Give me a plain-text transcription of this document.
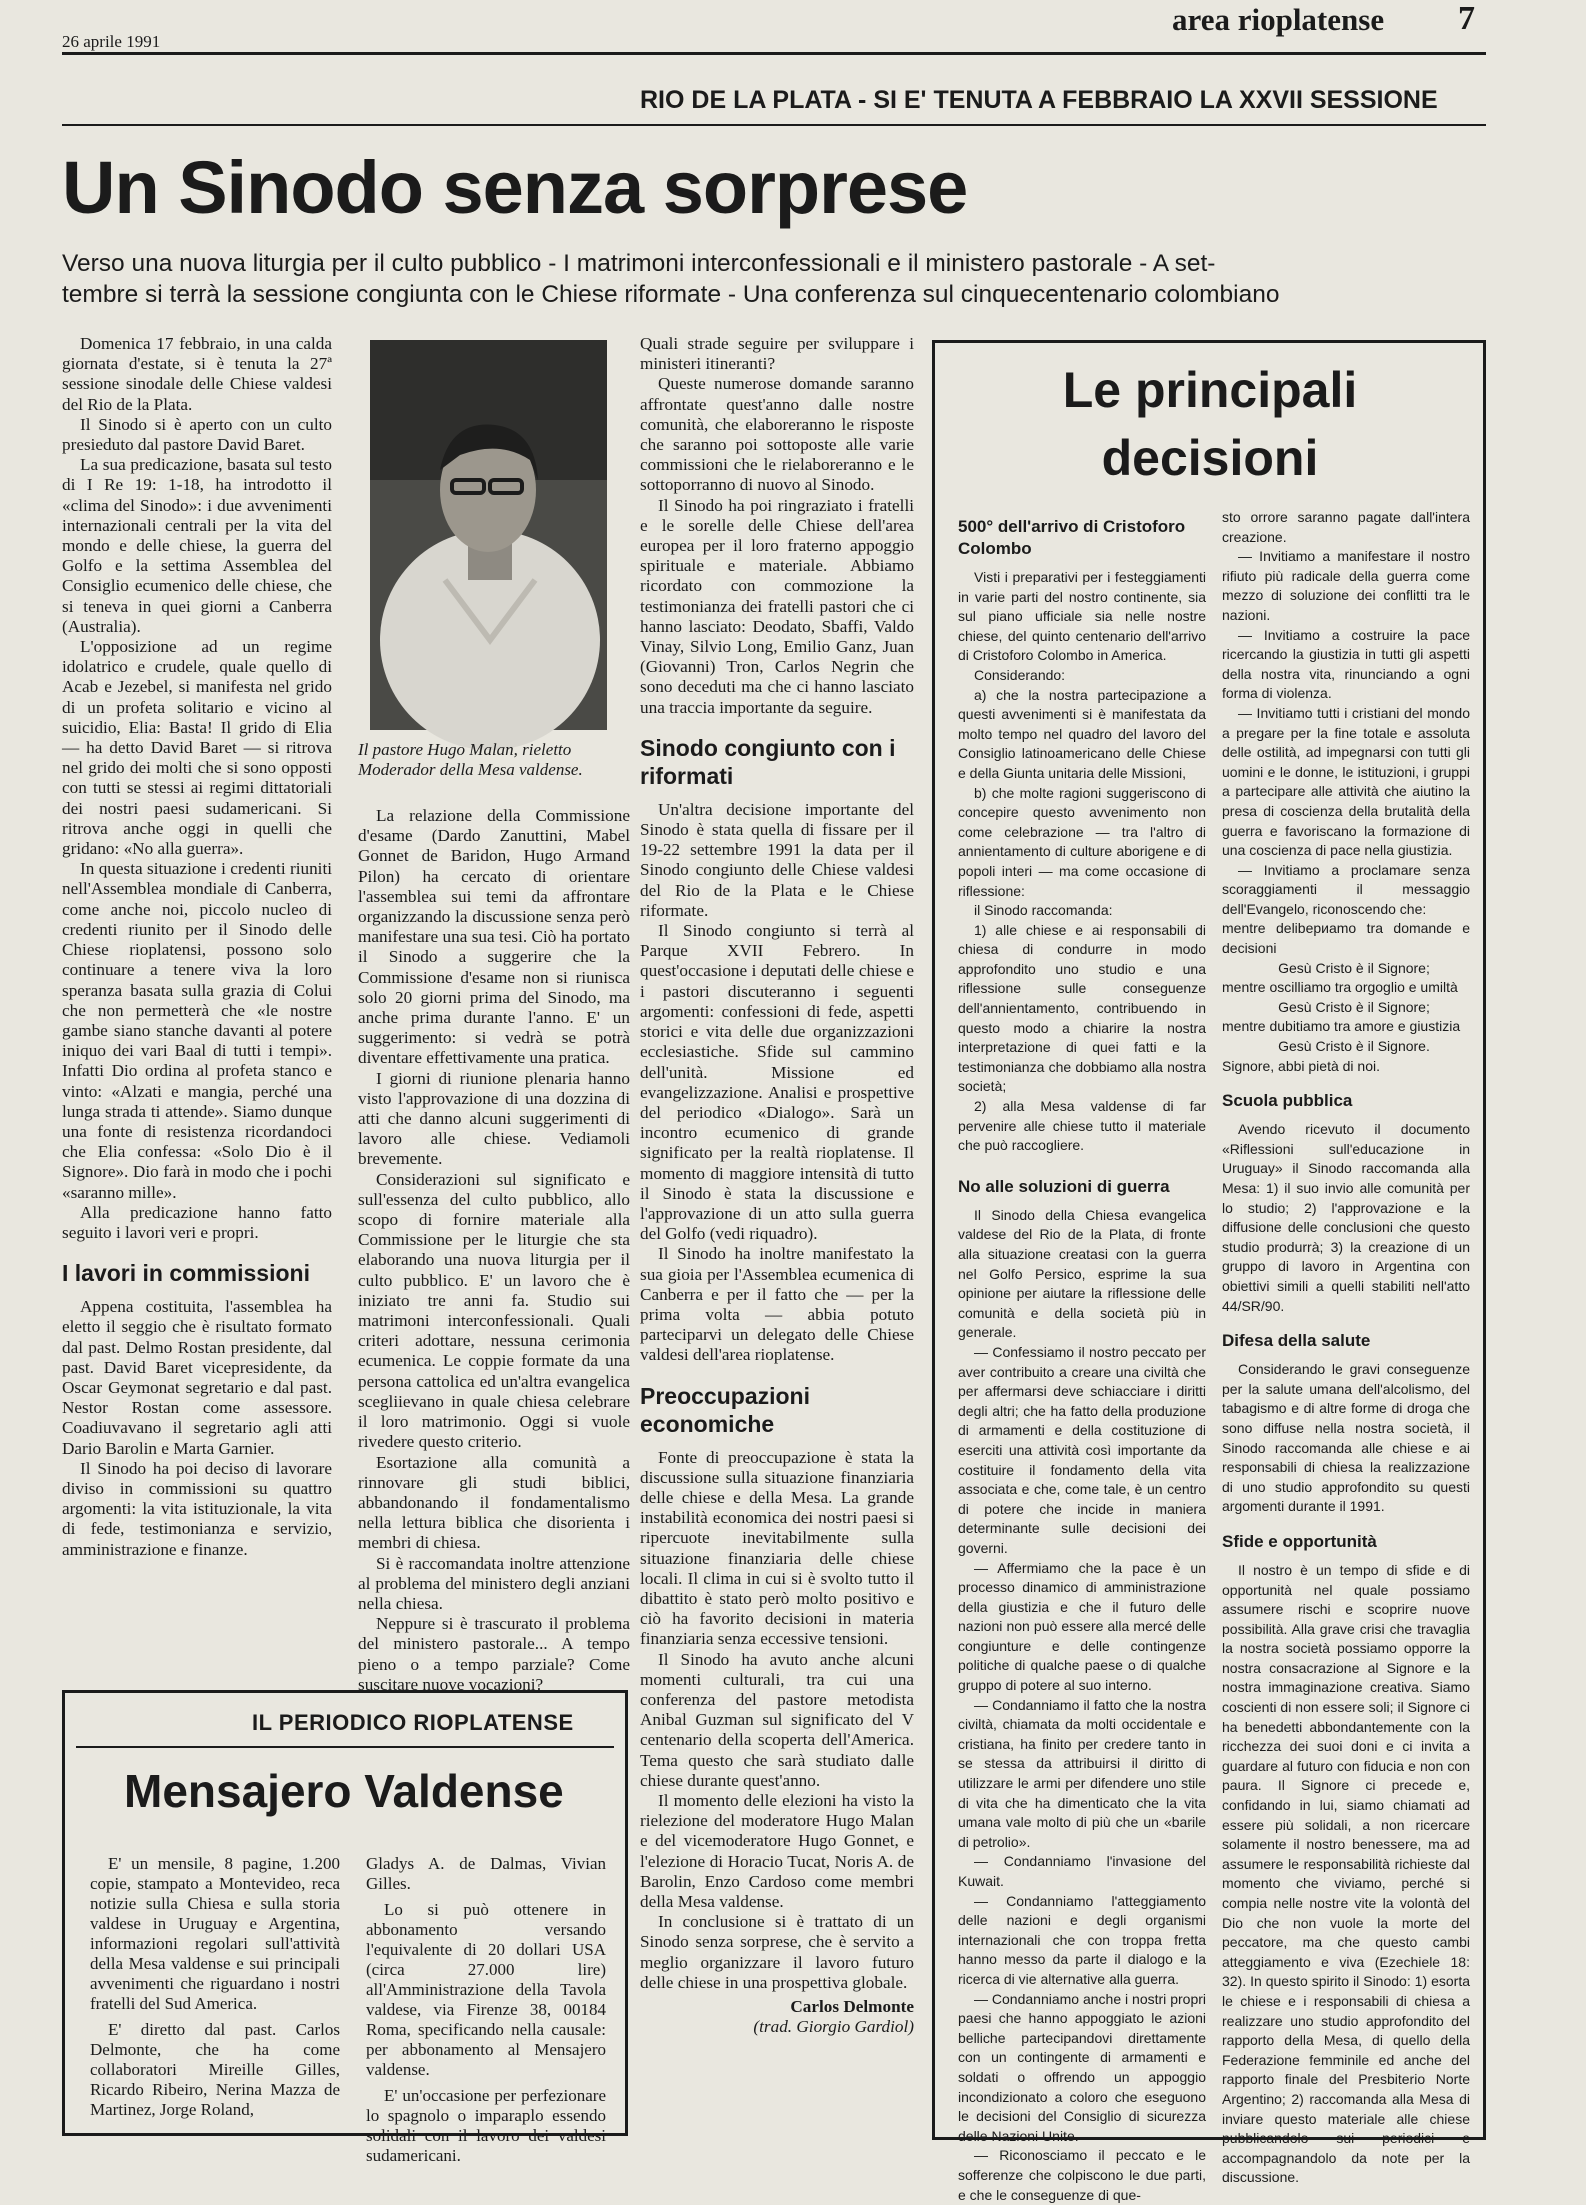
26 aprile 1991
area rioplatense 7
RIO DE LA PLATA - SI E' TENUTA A FEBBRAIO LA XXVII SESSIONE
Un Sinodo senza sorprese
Verso una nuova liturgia per il culto pubblico - I matrimoni interconfessionali e il ministero pastorale - A set-
tembre si terrà la sessione congiunta con le Chiese riformate - Una conferenza sul cinquecentenario colombiano

Domenica 17 febbraio, in una calda giornata d'estate, si è tenuta la 27ª sessione sinodale delle Chiese valdesi del Rio de la Plata.

Il Sinodo si è aperto con un culto presieduto dal pastore David Baret.

La sua predicazione, basata sul testo di I Re 19: 1-18, ha introdotto il «clima del Sinodo»: i due avvenimenti internazionali centrali per la vita del mondo e delle chiese, la guerra del Golfo e la settima Assemblea del Consiglio ecumenico delle chiese, che si teneva in quei giorni a Canberra (Australia).

L'opposizione ad un regime idolatrico e crudele, quale quello di Acab e Jezebel, si manifesta nel grido di un profeta solitario e vicino al suicidio, Elia: Basta! Il grido di Elia — ha detto David Baret — si ritrova nel grido dei molti che si sono opposti con tutti se stessi ai regimi dittatoriali dei nostri paesi sudamericani. Si ritrova anche oggi in quelli che gridano: «No alla guerra».

In questa situazione i credenti riuniti nell'Assemblea mondiale di Canberra, come anche noi, piccolo nucleo di credenti riunito per il Sinodo delle Chiese rioplatensi, possono solo continuare a tenere viva la loro speranza basata sulla grazia di Colui che non permetterà che «le nostre gambe siano stanche davanti al potere iniquo dei vari Baal di tutti i tempi». Infatti Dio ordina al profeta stanco e vinto: «Alzati e mangia, perché una lunga strada ti attende». Siamo dunque una fonte di resistenza ricordandoci che Elia confessa: «Solo Dio è il Signore». Dio farà in modo che i pochi «saranno mille».

Alla predicazione hanno fatto seguito i lavori veri e propri.

I lavori in commissioni

Appena costituita, l'assemblea ha eletto il seggio che è risultato formato dal past. Delmo Rostan presidente, dal past. David Baret vicepresidente, da Oscar Geymonat segretario e dal past. Nestor Rostan come assessore. Coadiuvavano il segretario agli atti Dario Barolin e Marta Garnier.

Il Sinodo ha poi deciso di lavorare diviso in commissioni su quattro argomenti: la vita istituzionale, la vita di fede, testimonianza e servizio, amministrazione e finanze.

Il pastore Hugo Malan, rieletto Moderador della Mesa valdense.

La relazione della Commissione d'esame (Dardo Zanuttini, Mabel Gonnet de Baridon, Hugo Armand Pilon) ha cercato di orientare l'assemblea sui temi da affrontare organizzando la discussione senza però manifestare una sua tesi. Ciò ha portato il Sinodo a suggerire che la Commissione d'esame non si riunisca solo 20 giorni prima del Sinodo, ma anche prima durante l'anno. E' un suggerimento: si vedrà se potrà diventare effettivamente una pratica.

I giorni di riunione plenaria hanno visto l'approvazione di una dozzina di atti che danno alcuni suggerimenti di lavoro alle chiese. Vediamoli brevemente.

Considerazioni sul significato e sull'essenza del culto pubblico, allo scopo di fornire materiale alla Commissione per le liturgie che sta elaborando una nuova liturgia per il culto pubblico. E' un lavoro che è iniziato tre anni fa. Studio sui matrimoni interconfessionali. Quali criteri adottare, nessuna cerimonia ecumenica. Le coppie formate da una persona cattolica ed un'altra evangelica scegliievano in quale chiesa celebrare il loro matrimonio. Oggi si vuole rivedere questo criterio.

Esortazione alla comunità a rinnovare gli studi biblici, abbandonando il fondamentalismo nella lettura biblica che disorienta i membri di chiesa.

Si è raccomandata inoltre attenzione al problema del ministero degli anziani nella chiesa.

Neppure si è trascurato il problema del ministero pastorale... A tempo pieno o a tempo parziale? Come suscitare nuove vocazioni?

Quali strade seguire per sviluppare i ministeri itineranti?

Queste numerose domande saranno affrontate quest'anno dalle nostre comunità, che elaboreranno le risposte che saranno poi sottoposte alle varie commissioni che le rielaboreranno e le sottoporranno di nuovo al Sinodo.

Il Sinodo ha poi ringraziato i fratelli e le sorelle delle Chiese dell'area europea per il loro fraterno appoggio spirituale e materiale. Abbiamo ricordato con commozione la testimonianza dei fratelli pastori che ci hanno lasciato: Deodato, Sbaffi, Valdo Vinay, Silvio Long, Emilio Ganz, Juan (Giovanni) Tron, Carlos Negrin che sono deceduti ma che ci hanno lasciato una traccia importante da seguire.

Sinodo congiunto con i riformati

Un'altra decisione importante del Sinodo è stata quella di fissare per il 19-22 settembre 1991 la data per il Sinodo congiunto delle Chiese valdesi del Rio de la Plata e le Chiese riformate.

Il Sinodo congiunto si terrà al Parque XVII Febrero. In quest'occasione i deputati delle chiese e i pastori discuteranno i seguenti argomenti: confessioni di fede, aspetti storici e vita delle due organizzazioni ecclesiastiche. Sfide sul cammino dell'unità. Missione ed evangelizzazione. Analisi e prospettive del periodico «Dialogo». Sarà un incontro ecumenico di grande significato per la realtà rioplatense. Il momento di maggiore intensità di tutto il Sinodo è stata la discussione e l'approvazione di un atto sulla guerra del Golfo (vedi riquadro).

Il Sinodo ha inoltre manifestato la sua gioia per l'Assemblea ecumenica di Canberra e per il fatto che — per la prima volta — abbia potuto parteciparvi un delegato delle Chiese valdesi dell'area rioplatense.

Preoccupazioni economiche

Fonte di preoccupazione è stata la discussione sulla situazione finanziaria delle chiese e della Mesa. La grande instabilità economica dei nostri paesi si ripercuote inevitabilmente sulla situazione finanziaria delle chiese locali. Il clima in cui si è svolto tutto il dibattito è stato però molto positivo e ciò ha favorito decisioni in materia finanziaria senza eccessive tensioni.

Il Sinodo ha avuto anche alcuni momenti culturali, tra cui una conferenza del pastore metodista Anibal Guzman sul significato del V centenario della scoperta dell'America. Tema questo che sarà studiato dalle chiese durante quest'anno.

Il momento delle elezioni ha visto la rielezione del moderatore Hugo Malan e del vicemoderatore Hugo Gonnet, e l'elezione di Horacio Tucat, Noris A. de Barolin, Enzo Cardoso come membri della Mesa valdense.

In conclusione si è trattato di un Sinodo senza sorprese, che è servito a meglio organizzare il lavoro futuro delle chiese in una prospettiva globale.

Carlos Delmonte
(trad. Giorgio Gardiol)
Le principali decisioni
500° dell'arrivo di Cristoforo Colombo

Visti i preparativi per i festeggiamenti in varie parti del nostro continente, sia sul piano ufficiale sia nelle nostre chiese, del quinto centenario dell'arrivo di Cristoforo Colombo in America.

Considerando:

a) che la nostra partecipazione a questi avvenimenti si è manifestata da molto tempo nel quadro del lavoro del Consiglio latinoamericano delle Chiese e della Giunta unitaria delle Missioni,

b) che molte ragioni suggeriscono di concepire questo avvenimento non come celebrazione — tra l'altro di annientamento di culture aborigene e di popoli interi — ma come occasione di riflessione:

il Sinodo raccomanda:

1) alle chiese e ai responsabili di chiesa di condurre in modo approfondito uno studio e una riflessione sulle conseguenze dell'annientamento, contribuendo in questo modo a chiarire la nostra interpretazione di quei fatti e la testimonianza che dobbiamo alla nostra società;

2) alla Mesa valdense di far pervenire alle chiese tutto il materiale che può raccogliere.

No alle soluzioni di guerra

Il Sinodo della Chiesa evangelica valdese del Rio de la Plata, di fronte alla situazione creatasi con la guerra nel Golfo Persico, esprime la sua opinione per aiutare la riflessione delle comunità e della società più in generale.

— Confessiamo il nostro peccato per aver contribuito a creare una civiltà che per affermarsi deve schiacciare i diritti degli altri; che ha fatto della produzione di armamenti e della costituzione di eserciti una attività così importante da costituire il fondamento della vita associata e che, come tale, è un centro di potere che incide in maniera determinante sulle decisioni dei governi.

— Affermiamo che la pace è un processo dinamico di amministrazione della giustizia e che il futuro delle nazioni non può essere alla mercé delle congiunture e delle contingenze politiche di qualche paese o di qualche gruppo di potere al suo interno.

— Condanniamo il fatto che la nostra civiltà, chiamata da molti occidentale e cristiana, ha finito per credere tanto in se stessa da attribuirsi il diritto di utilizzare le armi per difendere uno stile di vita che ha dimenticato che la vita umana vale molto di più che un «barile di petrolio».

— Condanniamo l'invasione del Kuwait.

— Condanniamo l'atteggiamento delle nazioni e degli organismi internazionali che con troppa fretta hanno messo da parte il dialogo e la ricerca di vie alternative alla guerra.

— Condanniamo anche i nostri propri paesi che hanno appoggiato le azioni belliche partecipandovi direttamente con un contingente di armamenti e soldati o offrendo un appoggio incondizionato a coloro che eseguono le decisioni del Consiglio di sicurezza delle Nazioni Unite.

— Riconosciamo il peccato e le sofferenze che colpiscono le due parti, e che le conseguenze di que-

sto orrore saranno pagate dall'intera creazione.

— Invitiamo a manifestare il nostro rifiuto più radicale della guerra come mezzo di soluzione dei conflitti tra le nazioni.

— Invitiamo a costruire la pace ricercando la giustizia in tutti gli aspetti della nostra vita, rinunciando a ogni forma di violenza.

— Invitiamo tutti i cristiani del mondo a pregare per la fine totale e assoluta delle ostilità, ad impegnarsi con tutti gli uomini e le donne, le istituzioni, i gruppi a partecipare alle attività che aiutino la presa di coscienza della brutalità della guerra e favoriscano la formazione di una coscienza di pace nella giustizia.

— Invitiamo a proclamare senza scoraggiamenti il messaggio dell'Evangelo, riconoscendo che:

mentre delibериamo tra domande e decisioni

Gesù Cristo è il Signore;

mentre oscilliamo tra orgoglio e umiltà

Gesù Cristo è il Signore;

mentre dubitiamo tra amore e giustizia

Gesù Cristo è il Signore.

Signore, abbi pietà di noi.

Scuola pubblica

Avendo ricevuto il documento «Riflessioni sull'educazione in Uruguay» il Sinodo raccomanda alla Mesa: 1) il suo invio alle comunità per lo studio; 2) l'approvazione e la diffusione delle conclusioni che questo studio produrrà; 3) la creazione di un gruppo di lavoro in Argentina con obiettivi simili a quelli stabiliti nell'atto 44/SR/90.

Difesa della salute

Considerando le gravi conseguenze per la salute umana dell'alcolismo, del tabagismo e di altre forme di droga che sono diffuse nella nostra società, il Sinodo raccomanda alle chiese e ai responsabili di chiesa la realizzazione di uno studio approfondito su questi argomenti durante il 1991.

Sfide e opportunità

Il nostro è un tempo di sfide e di opportunità nel quale possiamo assumere rischi e scoprire nuove possibilità. Alla grave crisi che travaglia la nostra società possiamo opporre la nostra consacrazione al Signore e la nostra immaginazione creativa. Siamo coscienti di non essere soli; il Signore ci ha benedetti abbondantemente con la ricchezza dei suoi doni e ci invita a guardare al futuro con fiducia e non con paura. Il Signore ci precede e, confidando in lui, siamo chiamati ad essere più solidali, a non ricercare solamente il nostro benessere, ma ad assumere le responsabilità richieste dal momento che viviamo, perché si compia nelle nostre vite la volontà del Dio che non vuole la morte del peccatore, ma che questo cambi atteggiamento e viva (Ezechiele 18: 32). In questo spirito il Sinodo: 1) esorta le chiese e i responsabili di chiesa a realizzare uno studio approfondito del rapporto della Mesa, di quello della Federazione femminile ed anche del rapporto finale del Presbiterio Norte Argentino; 2) raccomanda alla Mesa di inviare questo materiale alle chiese pubblicandolo sui periodici e accompagnandolo da note per la discussione.

IL PERIODICO RIOPLATENSE
Mensajero Valdense

E' un mensile, 8 pagine, 1.200 copie, stampato a Montevideo, reca notizie sulla Chiesa e sulla storia valdese in Uruguay e Argentina, informazioni regolari sull'attività della Mesa valdense e sui principali avvenimenti che riguardano i nostri fratelli del Sud America.

E' diretto dal past. Carlos Delmonte, che ha come collaboratori Mireille Gilles, Ricardo Ribeiro, Nerina Mazza de Martinez, Jorge Roland,

Gladys A. de Dalmas, Vivian Gilles.

Lo si può ottenere in abbonamento versando l'equivalente di 20 dollari USA (circa 27.000 lire) all'Amministrazione della Tavola valdese, via Firenze 38, 00184 Roma, specificando nella causale: per abbonamento al Mensajero valdense.

E' un'occasione per perfezionare lo spagnolo o imparарlo essendo solidali con il lavoro dei valdesi sudamericani.
